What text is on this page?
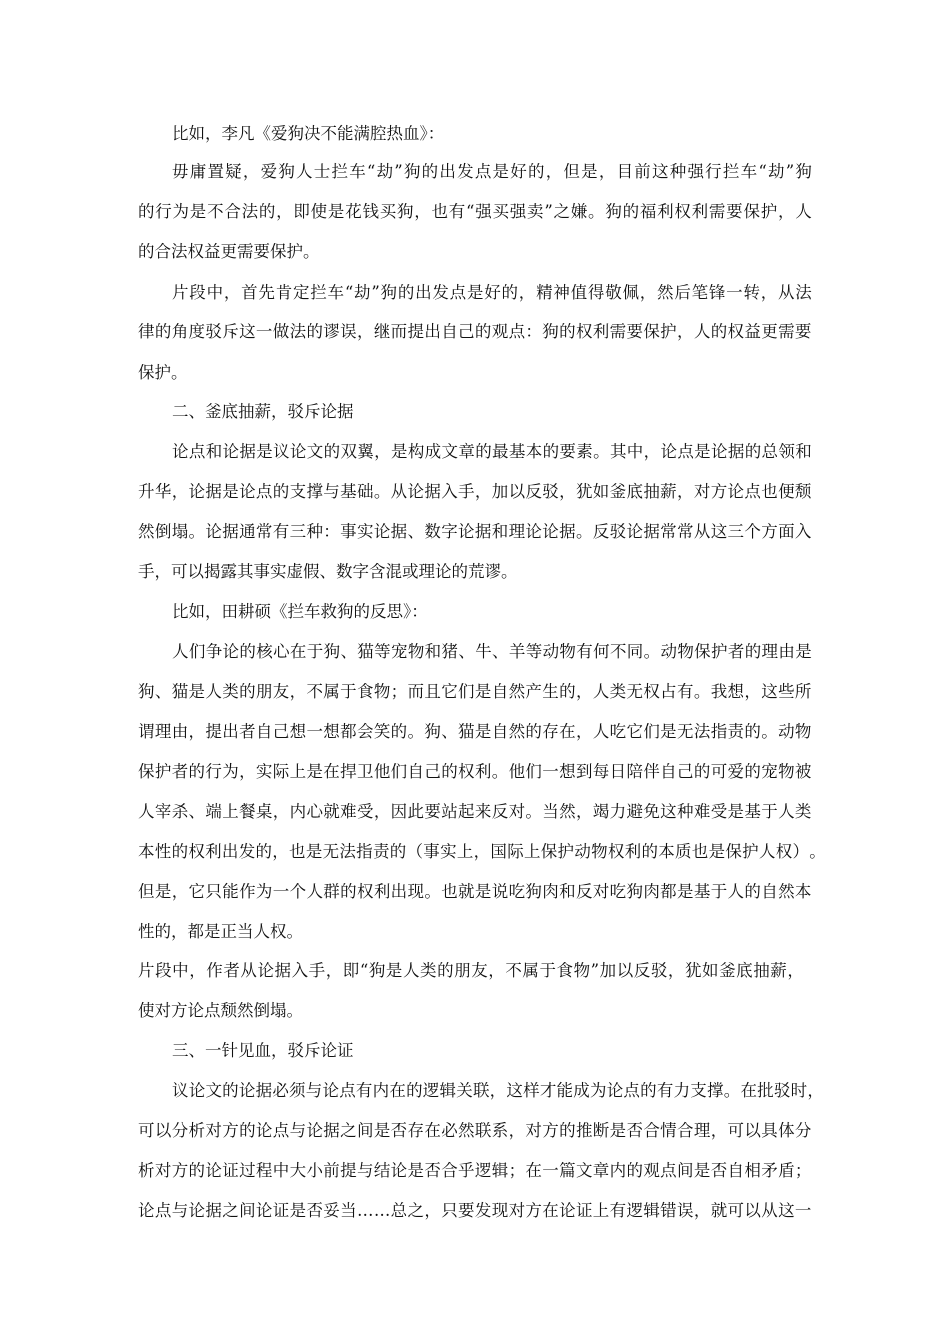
比如，李凡《爱狗决不能满腔热血》：
毋 庸 置 疑 ， 爱 狗 人 士 拦 车 “ 劫 ” 狗 的 出 发 点 是 好 的 ， 但 是 ， 目 前 这 种 强 行 拦 车 “ 劫 ” 狗
的 行 为 是 不 合 法 的 ， 即 使 是 花 钱 买 狗 ， 也 有 “ 强 买 强 卖 ” 之 嫌 。 狗 的 福 利 权 利 需 要 保 护 ， 人
的合法权益更需要保护。
片 段 中 ， 首 先 肯 定 拦 车 “ 劫 ” 狗 的 出 发 点 是 好 的 ， 精 神 值 得 敬 佩 ， 然 后 笔 锋 一 转 ， 从 法
律 的 角 度 驳 斥 这 一 做 法 的 谬 误 ， 继 而 提 出 自 己 的 观 点 ： 狗 的 权 利 需 要 保 护 ， 人 的 权 益 更 需 要
保护。
二、釜底抽薪，驳斥论据
论 点 和 论 据 是 议 论 文 的 双 翼 ， 是 构 成 文 章 的 最 基 本 的 要 素 。 其 中 ， 论 点 是 论 据 的 总 领 和
升 华 ， 论 据 是 论 点 的 支 撑 与 基 础 。 从 论 据 入 手 ， 加 以 反 驳 ， 犹 如 釜 底 抽 薪 ， 对 方 论 点 也 便 颓
然 倒 塌 。 论 据 通 常 有 三 种 ： 事 实 论 据 、 数 字 论 据 和 理 论 论 据 。 反 驳 论 据 常 常 从 这 三 个 方 面 入
手，可以揭露其事实虚假、数字含混或理论的荒谬。
比如，田耕硕《拦车救狗的反思》：
人 们 争 论 的 核 心 在 于 狗 、 猫 等 宠 物 和 猪 、 牛 、 羊 等 动 物 有 何 不 同 。 动 物 保 护 者 的 理 由 是
狗 、 猫 是 人 类 的 朋 友 ， 不 属 于 食 物 ； 而 且 它 们 是 自 然 产 生 的 ， 人 类 无 权 占 有 。 我 想 ， 这 些 所
谓 理 由 ， 提 出 者 自 己 想 一 想 都 会 笑 的 。 狗 、 猫 是 自 然 的 存 在 ， 人 吃 它 们 是 无 法 指 责 的 。 动 物
保 护 者 的 行 为 ， 实 际 上 是 在 捍 卫 他 们 自 己 的 权 利 。 他 们 一 想 到 每 日 陪 伴 自 己 的 可 爱 的 宠 物 被
人 宰 杀 、 端 上 餐 桌 ， 内 心 就 难 受 ， 因 此 要 站 起 来 反 对 。 当 然 ， 竭 力 避 免 这 种 难 受 是 基 于 人 类
本 性 的 权 利 出 发 的 ， 也 是 无 法 指 责 的 （ 事 实 上 ， 国 际 上 保 护 动 物 权 利 的 本 质 也 是 保 护 人 权 ） 。
但 是 ， 它 只 能 作 为 一 个 人 群 的 权 利 出 现 。 也 就 是 说 吃 狗 肉 和 反 对 吃 狗 肉 都 是 基 于 人 的 自 然 本
性的，都是正当人权。
片 段 中 ， 作 者 从 论 据 入 手 ， 即 “ 狗 是 人 类 的 朋 友 ， 不 属 于 食 物 ” 加 以 反 驳 ， 犹 如 釜 底 抽 薪 ，
使对方论点颓然倒塌。
三、一针见血，驳斥论证
议 论 文 的 论 据 必 须 与 论 点 有 内 在 的 逻 辑 关 联 ， 这 样 才 能 成 为 论 点 的 有 力 支 撑 。 在 批 驳 时 ，
可 以 分 析 对 方 的 论 点 与 论 据 之 间 是 否 存 在 必 然 联 系 ， 对 方 的 推 断 是 否 合 情 合 理 ， 可 以 具 体 分
析 对 方 的 论 证 过 程 中 大 小 前 提 与 结 论 是 否 合 乎 逻 辑 ； 在 一 篇 文 章 内 的 观 点 间 是 否 自 相 矛 盾 ；
论 点 与 论 据 之 间 论 证 是 否 妥 当 … … 总 之 ， 只 要 发 现 对 方 在 论 证 上 有 逻 辑 错 误 ， 就 可 以 从 这 一
